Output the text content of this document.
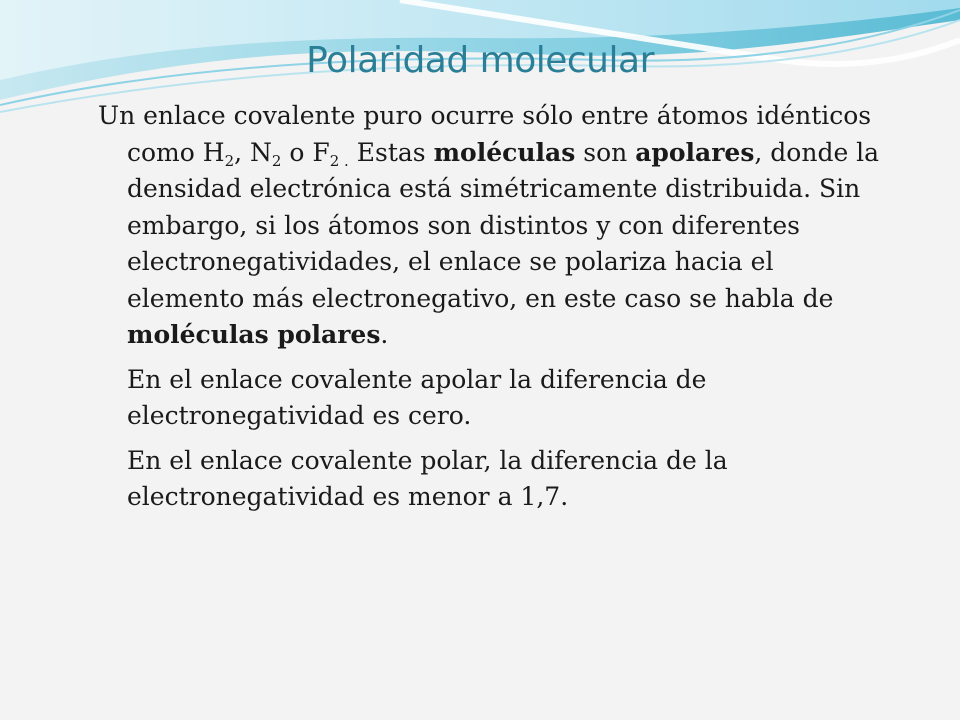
Polaridad molecular

Un enlace covalente puro ocurre sólo entre átomos idénticos como $H_2$, $N_2$ o $F_{2 .}$ Estas moléculas son apolares, donde la densidad electrónica está simétricamente distribuida. Sin embargo, si los átomos son distintos y con diferentes electronegatividades, el enlace se polariza hacia el elemento más electronegativo, en este caso se habla de moléculas polares.

En el enlace covalente apolar la diferencia de electronegatividad es cero.

En el enlace covalente polar, la diferencia de la electronegatividad es menor a 1,7.
